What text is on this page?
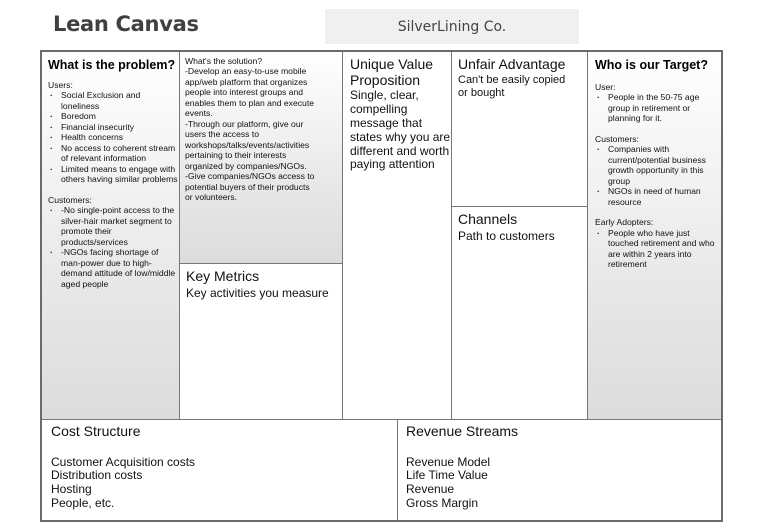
Lean Canvas	SilverLining Co.
What is the problem?
Users:
· Social Exclusion and loneliness
· Boredom
· Financial insecurity
· Health concerns
· No access to coherent stream of relevant information
· Limited means to engage with others having similar problems
Customers:
· -No single-point access to the silver-hair market segment to promote their products/services
· -NGOs facing shortage of man-power due to high-demand attitude of low/middle aged people
What's the solution?
-Develop an easy-to-use mobile
app/web platform that organizes
people into interest groups and
enables them to plan and execute
events.
-Through our platform, give our
users the access to
workshops/talks/events/activities
pertaining to their interests
organized by companies/NGOs.
-Give companies/NGOs access to
potential buyers of their products
or volunteers.
Key Metrics
Key activities you measure
Unique Value
Proposition
Single, clear,
compelling
message that
states why you are
different and worth
paying attention
Unfair Advantage
Can't be easily copied
or bought
Channels
Path to customers
Who is our Target?
User:
· People in the 50-75 age group in retirement or planning for it.
Customers:
· Companies with current/potential business growth opportunity in this group
· NGOs in need of human resource
Early Adopters:
· People who have just touched retirement and who are within 2 years into retirement
Cost Structure
Customer Acquisition costs
Distribution costs
Hosting
People, etc.
Revenue Streams
Revenue Model
Life Time Value
Revenue
Gross Margin
